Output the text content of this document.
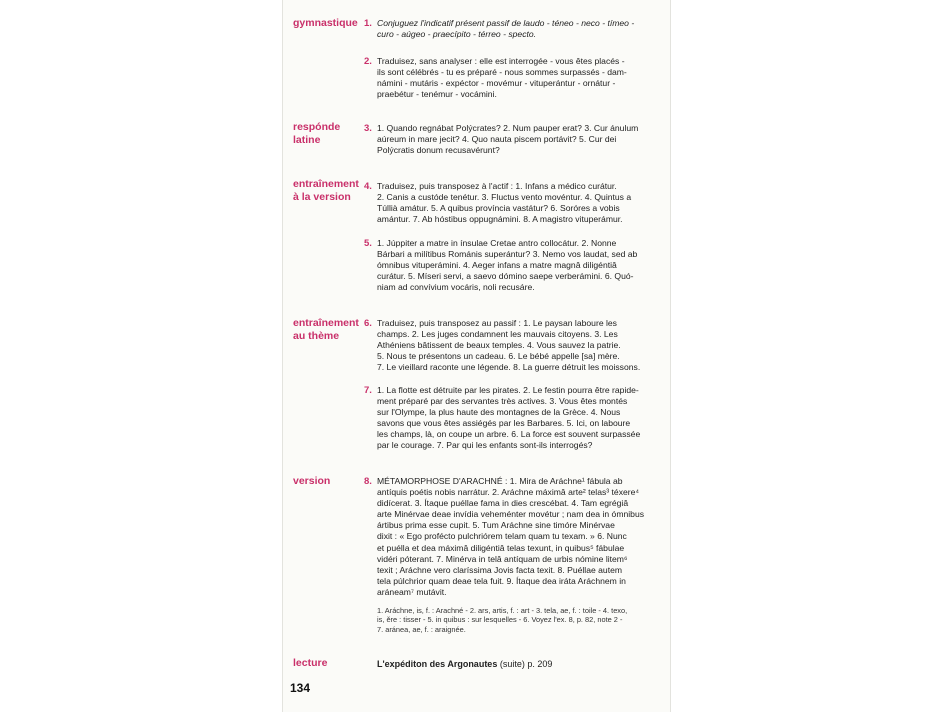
gymnastique
respónde
latine
entraînement
à la version
entraînement
au thème
version
lecture
1.
2.
3.
4.
5.
6.
7.
8.
Conjuguez l'indicatif présent passif de laudo - téneo - neco - tímeo -
curo - aúgeo - praecípito - térreo - specto.
Traduisez, sans analyser : elle est interrogée - vous êtes placés -
ils sont célébrés - tu es préparé - nous sommes surpassés - dam-
námini - mutáris - expéctor - movémur - vituperántur - ornátur -
praebétur - tenémur - vocámini.
1. Quando regnábat Polýcrates? 2. Num pauper erat? 3. Cur ánulum
aúreum in mare jecit? 4. Quo nauta piscem portávit? 5. Cur dei
Polýcratis donum recusavérunt?
Traduisez, puis transposez à l'actif : 1. Infans a médico curátur.
2. Canis a custóde tenétur. 3. Fluctus vento movéntur. 4. Quintus a
Túllià amátur. 5. A quibus província vastátur? 6. Soróres a vobis
amántur. 7. Ab hóstibus oppugnámini. 8. A magistro vituperámur.
1. Júppiter a matre in ínsulae Cretae antro collocátur. 2. Nonne
Bárbari a milítibus Románis superántur? 3. Nemo vos laudat, sed ab
ómnibus vituperámini. 4. Aeger infans a matre magnâ diligéntiâ
curátur. 5. Míseri servi, a saevo dómino saepe verberámini. 6. Quó-
niam ad convívium vocáris, noli recusáre.
Traduisez, puis transposez au passif : 1. Le paysan laboure les
champs. 2. Les juges condamnent les mauvais citoyens. 3. Les
Athéniens bâtissent de beaux temples. 4. Vous sauvez la patrie.
5. Nous te présentons un cadeau. 6. Le bébé appelle [sa] mère.
7. Le vieillard raconte une légende. 8. La guerre détruit les moissons.
1. La flotte est détruite par les pirates. 2. Le festin pourra être rapide-
ment préparé par des servantes très actives. 3. Vous êtes montés
sur l'Olympe, la plus haute des montagnes de la Grèce. 4. Nous
savons que vous êtes assiégés par les Barbares. 5. Ici, on laboure
les champs, là, on coupe un arbre. 6. La force est souvent surpassée
par le courage. 7. Par qui les enfants sont-ils interrogés?
MÉTAMORPHOSE D'ARACHNÉ : 1. Mira de Aráchne¹ fábula ab
antíquis poétis nobis narrátur. 2. Aráchne máximâ arte² telas³ téxere⁴
didícerat. 3. Ítaque puéllae fama in dies crescébat. 4. Tam egrégiâ
arte Minérvae deae invídia veheménter movétur ; nam dea in ómnibus
ártibus prima esse cupit. 5. Tum Aráchne sine timóre Minérvae
dixit : « Ego profécto pulchriórem telam quam tu texam. » 6. Nunc
et puélla et dea máximâ diligéntiâ telas texunt, in quibus⁵ fábulae
vidéri póterant. 7. Minérva in telâ antíquam de urbis nómine litem⁶
texit ; Aráchne vero claríssima Jovis facta texit. 8. Puéllae autem
tela púlchrior quam deae tela fuit. 9. Ítaque dea iráta Aráchnem in
aráneam⁷ mutávit.
1. Aráchne, is, f. : Arachné - 2. ars, artis, f. : art - 3. tela, ae, f. : toile - 4. texo,
is, ěre : tisser - 5. in quibus : sur lesquelles - 6. Voyez l'ex. 8, p. 82, note 2 -
7. aránea, ae, f. : araignée.
L'expéditon des Argonautes (suite) p. 209
134
